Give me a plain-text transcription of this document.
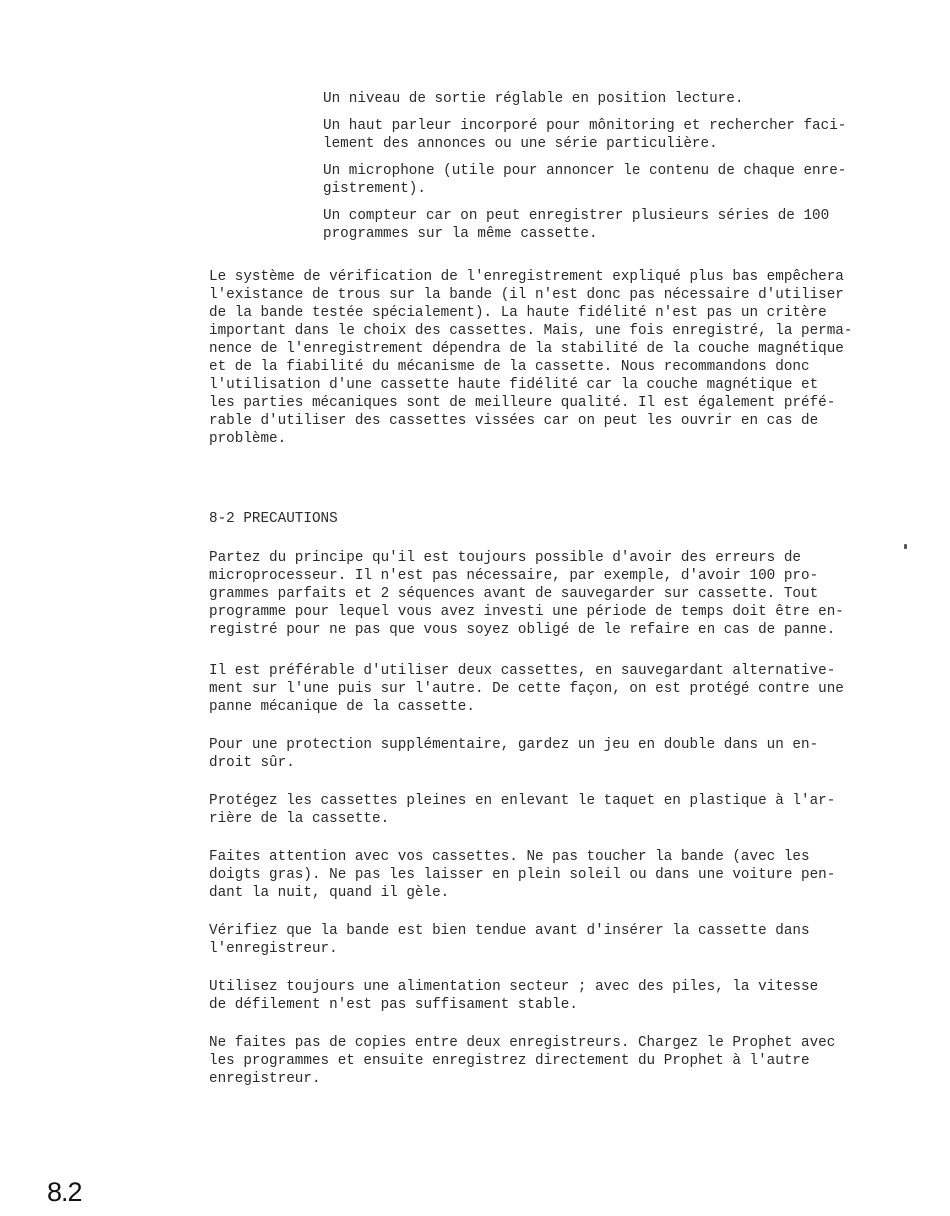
Un niveau de sortie réglable en position lecture.

Un haut parleur incorporé pour mônitoring et rechercher faci-
lement des annonces ou une série particulière.

Un microphone (utile pour annoncer le contenu de chaque enre-
gistrement).

Un compteur car on peut enregistrer plusieurs séries de 100
programmes sur la même cassette.

Le système de vérification de l'enregistrement expliqué plus bas empêchera
l'existance de trous sur la bande (il n'est donc pas nécessaire d'utiliser
de la bande testée spécialement). La haute fidélité n'est pas un critère
important dans le choix des cassettes. Mais, une fois enregistré, la perma-
nence de l'enregistrement dépendra de la stabilité de la couche magnétique
et de la fiabilité du mécanisme de la cassette. Nous recommandons donc
l'utilisation d'une cassette haute fidélité car la couche magnétique et
les parties mécaniques sont de meilleure qualité. Il est également préfé-
rable d'utiliser des cassettes vissées car on peut les ouvrir en cas de
problème.

8-2 PRECAUTIONS

Partez du principe qu'il est toujours possible d'avoir des erreurs de
microprocesseur. Il n'est pas nécessaire, par exemple, d'avoir 100 pro-
grammes parfaits et 2 séquences avant de sauvegarder sur cassette. Tout
programme pour lequel vous avez investi une période de temps doit être en-
registré pour ne pas que vous soyez obligé de le refaire en cas de panne.

Il est préférable d'utiliser deux cassettes, en sauvegardant alternative-
ment sur l'une puis sur l'autre. De cette façon, on est protégé contre une
panne mécanique de la cassette.

Pour une protection supplémentaire, gardez un jeu en double dans un en-
droit sûr.

Protégez les cassettes pleines en enlevant le taquet en plastique à l'ar-
rière de la cassette.

Faites attention avec vos cassettes. Ne pas toucher la bande (avec les
doigts gras). Ne pas les laisser en plein soleil ou dans une voiture pen-
dant la nuit, quand il gèle.

Vérifiez que la bande est bien tendue avant d'insérer la cassette dans
l'enregistreur.

Utilisez toujours une alimentation secteur ; avec des piles, la vitesse
de défilement n'est pas suffisament stable.

Ne faites pas de copies entre deux enregistreurs. Chargez le Prophet avec
les programmes et ensuite enregistrez directement du Prophet à l'autre
enregistreur.

8.2
